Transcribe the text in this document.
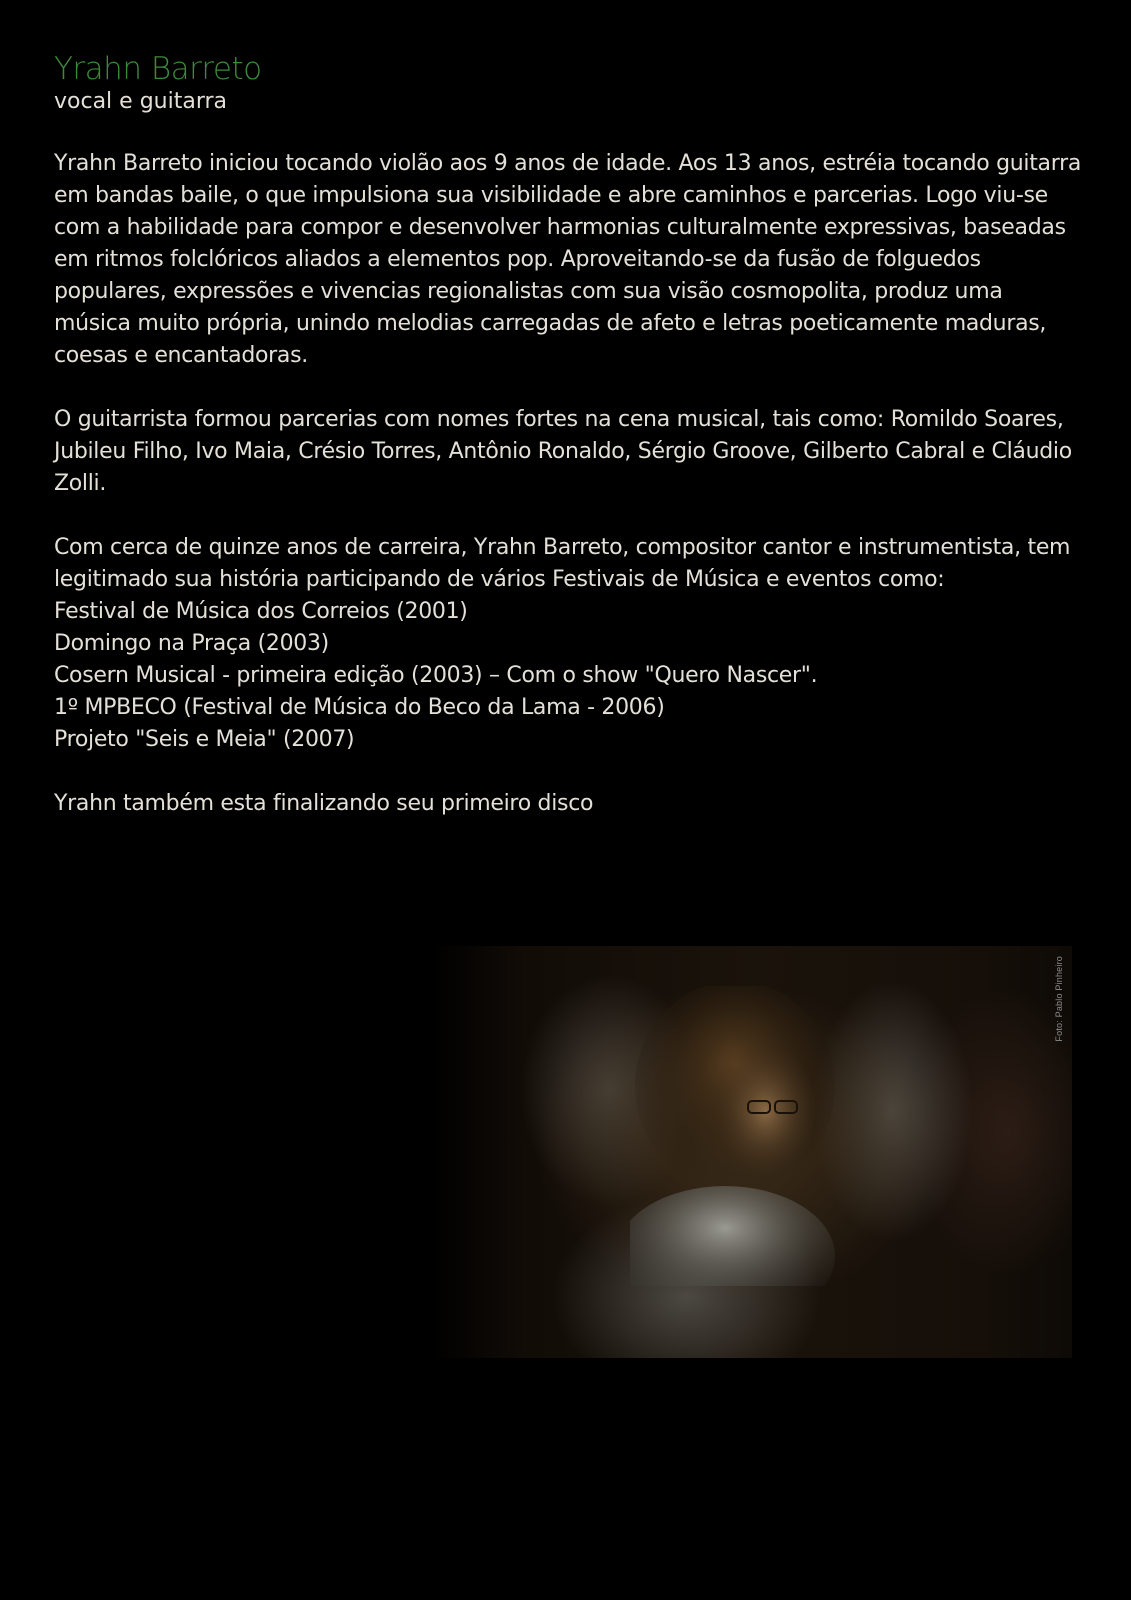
Yrahn Barreto
vocal e guitarra

Yrahn Barreto iniciou tocando violão aos 9 anos de idade. Aos 13 anos, estréia tocando guitarra em bandas baile, o que impulsiona sua visibilidade e abre caminhos e parcerias. Logo viu-se com a habilidade para compor e desenvolver harmonias culturalmente expressivas, baseadas em ritmos folclóricos aliados a elementos pop. Aproveitando-se da fusão de folguedos populares, expressões e vivencias regionalistas com sua visão cosmopolita, produz uma música muito própria, unindo melodias carregadas de afeto e letras poeticamente maduras, coesas e encantadoras.

O guitarrista formou parcerias com nomes fortes na cena musical, tais como: Romildo Soares, Jubileu Filho, Ivo Maia, Crésio Torres, Antônio Ronaldo, Sérgio Groove, Gilberto Cabral e Cláudio Zolli.

Com cerca de quinze anos de carreira, Yrahn Barreto, compositor cantor e instrumentista, tem legitimado sua história participando de vários Festivais de Música e eventos como:
Festival de Música dos Correios (2001)
Domingo na Praça (2003)
Cosern Musical - primeira edição (2003) – Com o show "Quero Nascer".
1º MPBECO (Festival de Música do Beco da Lama - 2006)
Projeto "Seis e Meia" (2007)

Yrahn também esta finalizando seu primeiro disco

Foto: Pablo Pinheiro
